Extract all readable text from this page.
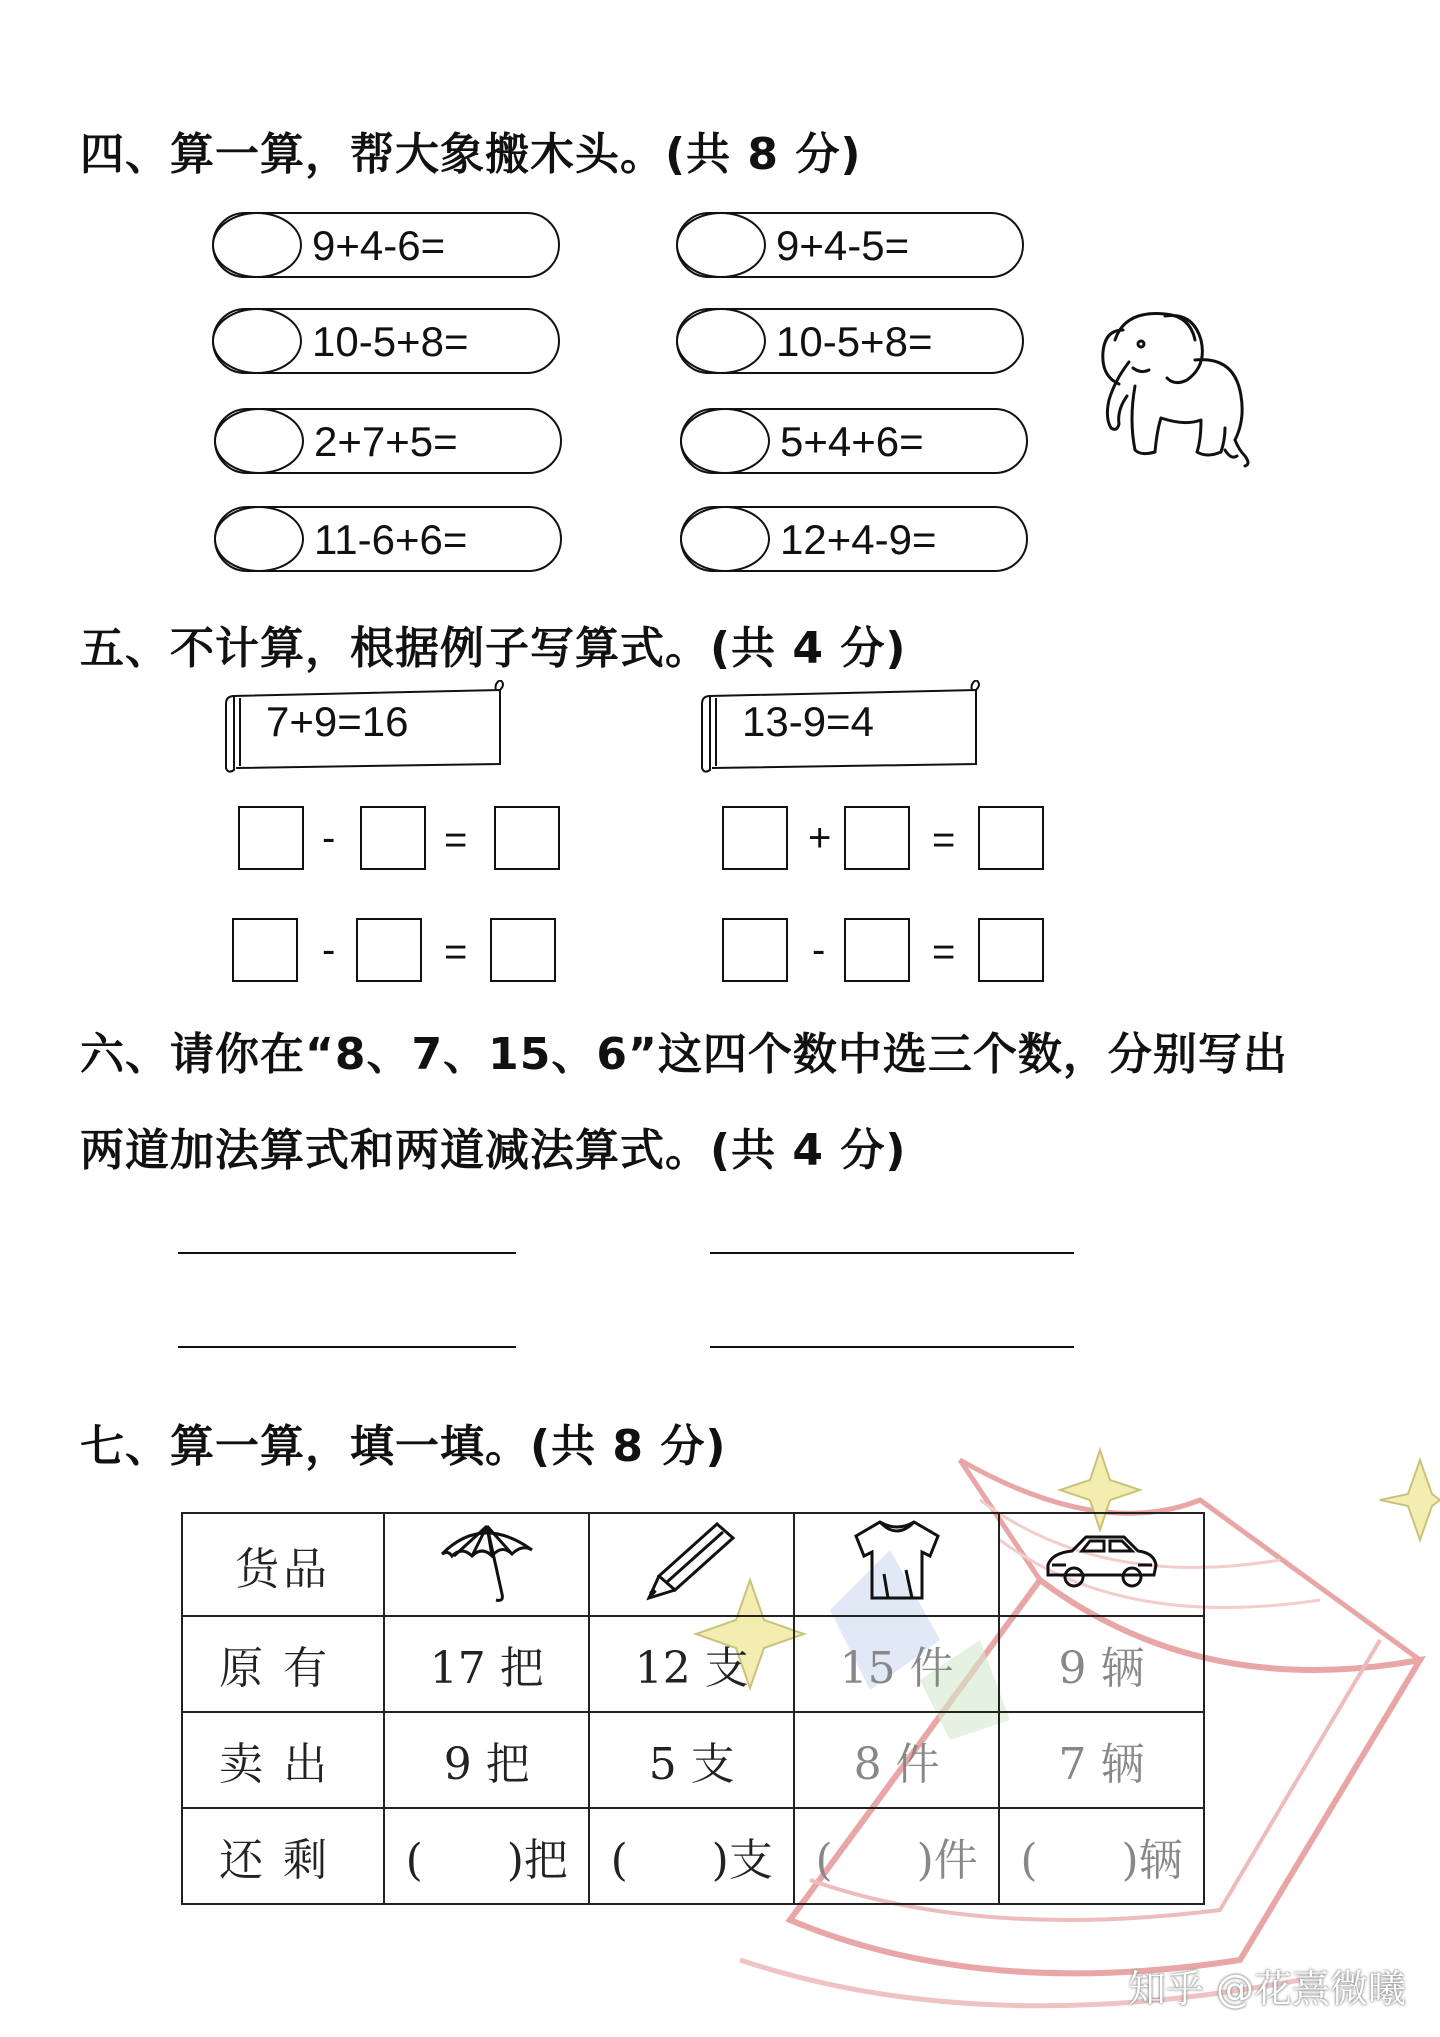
四、算一算，帮大象搬木头。(共 8 分)
9+4-6=
10-5+8=
2+7+5=
11-6+6=
9+4-5=
10-5+8=
5+4+6=
12+4-9=
五、不计算，根据例子写算式。(共 4 分)
7+9=16	13-9=4
-	=
-	=
+	=
-	=
六、请你在“8、7、15、6”这四个数中选三个数，分别写出
两道加法算式和两道减法算式。(共 4 分)
七、算一算，填一填。(共 8 分)
货品				
原有	17 把	12 支	15 件	9 辆
卖出	9 把	5 支	8 件	7 辆
还剩	(      )把	(      )支	(      )件	(      )辆
知乎 @花熹微曦
